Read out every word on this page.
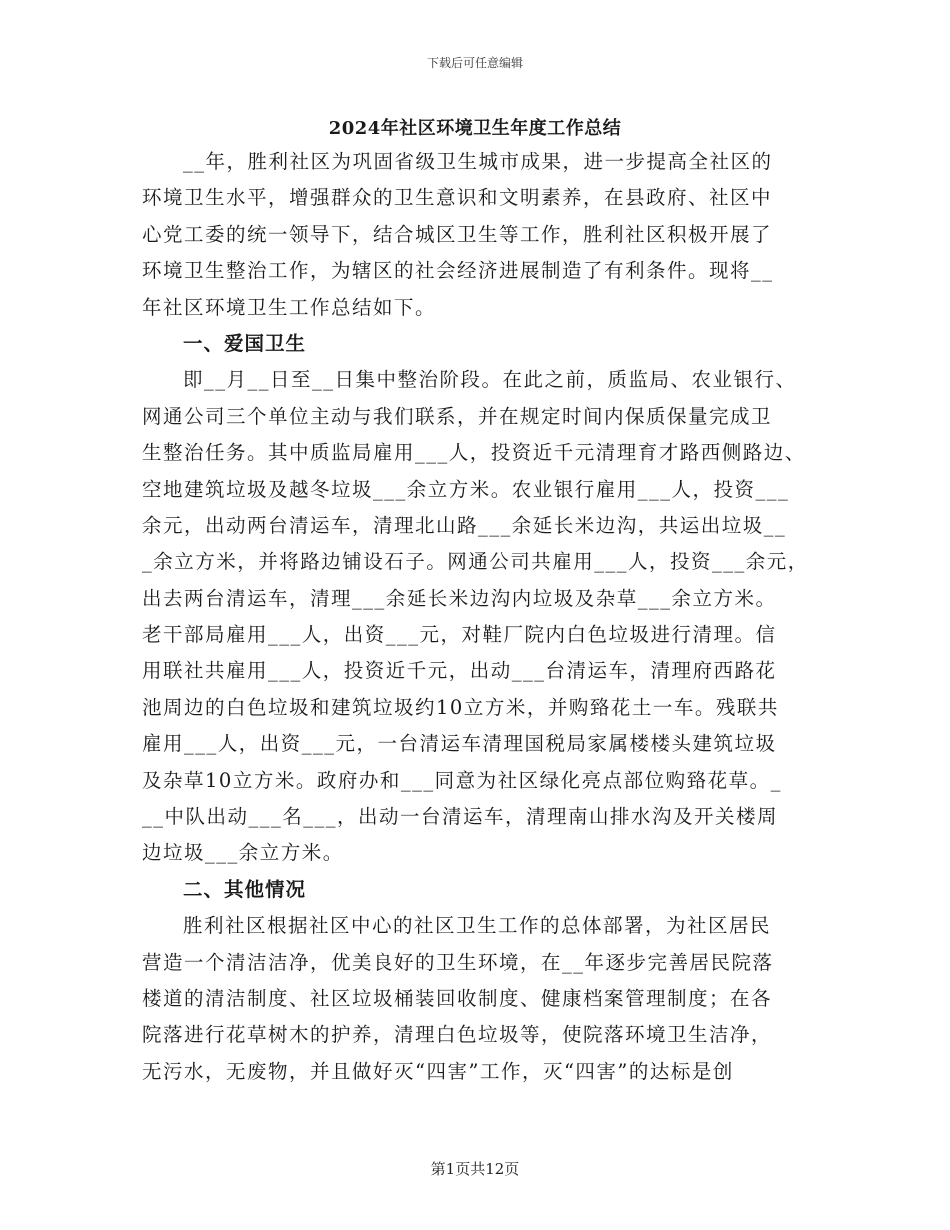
下载后可任意编辑
2024年社区环境卫生年度工作总结
__年，胜利社区为巩固省级卫生城市成果，进一步提高全社区的
环境卫生水平，增强群众的卫生意识和文明素养，在县政府、社区中
心党工委的统一领导下，结合城区卫生等工作，胜利社区积极开展了
环境卫生整治工作，为辖区的社会经济进展制造了有利条件。现将__
年社区环境卫生工作总结如下。
一、爱国卫生
即__月__日至__日集中整治阶段。在此之前，质监局、农业银行、
网通公司三个单位主动与我们联系，并在规定时间内保质保量完成卫
生整治任务。其中质监局雇用___人，投资近千元清理育才路西侧路边、
空地建筑垃圾及越冬垃圾___余立方米。农业银行雇用___人，投资___
余元，出动两台清运车，清理北山路___余延长米边沟，共运出垃圾__
_余立方米，并将路边铺设石子。网通公司共雇用___人，投资___余元，
出去两台清运车，清理___余延长米边沟内垃圾及杂草___余立方米。
老干部局雇用___人，出资___元，对鞋厂院内白色垃圾进行清理。信
用联社共雇用___人，投资近千元，出动___台清运车，清理府西路花
池周边的白色垃圾和建筑垃圾约10立方米，并购臵花土一车。残联共
雇用___人，出资___元，一台清运车清理国税局家属楼楼头建筑垃圾
及杂草10立方米。政府办和___同意为社区绿化亮点部位购臵花草。_
__中队出动___名___，出动一台清运车，清理南山排水沟及开关楼周
边垃圾___余立方米。
二、其他情况
胜利社区根据社区中心的社区卫生工作的总体部署，为社区居民
营造一个清洁洁净，优美良好的卫生环境，在__年逐步完善居民院落
楼道的清洁制度、社区垃圾桶装回收制度、健康档案管理制度；在各
院落进行花草树木的护养，清理白色垃圾等，使院落环境卫生洁净，
无污水，无废物，并且做好灭“四害”工作，灭“四害”的达标是创
第1页共12页
